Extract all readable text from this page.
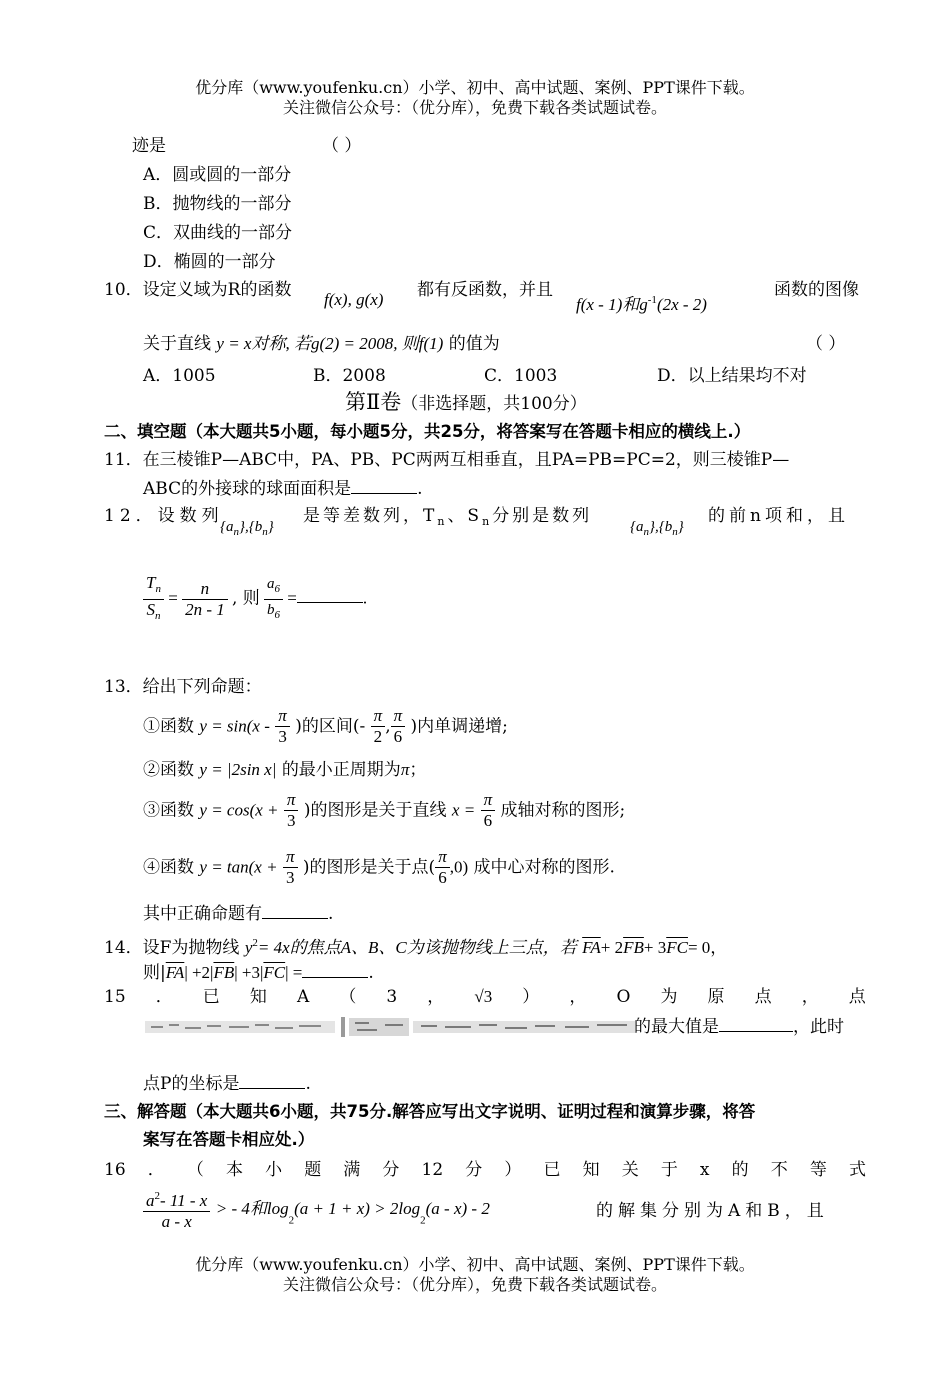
优分库（www.youfenku.cn）小学、初中、高中试题、案例、PPT课件下载。
关注微信公众号：（优分库），免费下载各类试题试卷。
迹是	（ ）
A．圆或圆的一部分
B．抛物线的一部分
C．双曲线的一部分
D．椭圆的一部分
10．设定义域为R的函数 f(x), g(x) 都有反函数，并且
f(x - 1)和$g^{-1}(2x - 2)$
函数的图像
关于直线 y = x对称, 若g(2) = 2008, 则f(1) 的值为	（ ）
A．1005	B．2008	C．1003	D．以上结果均不对
第Ⅱ卷（非选择题，共100分）
二、填空题（本大题共5小题，每小题5分，共25分，将答案写在答题卡相应的横线上.）
11．在三棱锥P—ABC中，PA、PB、PC两两互相垂直，且PA=PB=PC=2，则三棱锥P—
ABC的外接球的球面面积是	.
12．设数列
$\{a_n\},\{b_n\}$
是等差数列，$T_n$、$S_n$分别是数列
$\{a_n\},\{b_n\}$
的前n项和，且
$\frac{T_n}{S_n} = \frac{n}{2n - 1}$ , 则 $\frac{a_6}{b_6}$ =	.
13．给出下列命题：
①函数 $y = \sin(x - \frac{\pi}{3}$ )的区间(- $\frac{\pi}{2}$ , $\frac{\pi}{6}$ )内单调递增;
②函数 y = |2sin x| 的最小正周期为π；
③函数 $y = \cos(x + \frac{\pi}{3}$ )的图形是关于直线 $x = \frac{\pi}{6}$ 成轴对称的图形;
④函数 $y = \tan(x + \frac{\pi}{3}$ )的图形是关于点( $\frac{\pi}{6} ,0$) 成中心对称的图形.
其中正确命题有	.
14．设F为抛物线 $y^2= 4x$的焦点A、B、C为该抛物线上三点，若 $\overline{FA}+ 2\overline{FB}+ 3\overline{FC}= 0$，
则$|\overline{FA}| +2|\overline{FB}| +3|\overline{FC}|$ =	.
15 ． 已 知 A （ 3 ， √3 ） ， O 为 原 点 ， 点
的最大值是	，此时
点P的坐标是	.
三、解答题（本大题共6小题，共75分.解答应写出文字说明、证明过程和演算步骤，将答
案写在答题卡相应处.）
16 ． （ 本 小 题 满 分 12 分 ） 已 知 关 于 x 的 不 等 式
$\frac{a^2- 11 - x}{a - x}$ > - 4和$\log_2(a + 1 + x) > 2\log_2(a - x) - 2$	的解集分别为A和B，且
优分库（www.youfenku.cn）小学、初中、高中试题、案例、PPT课件下载。
关注微信公众号：（优分库），免费下载各类试题试卷。
